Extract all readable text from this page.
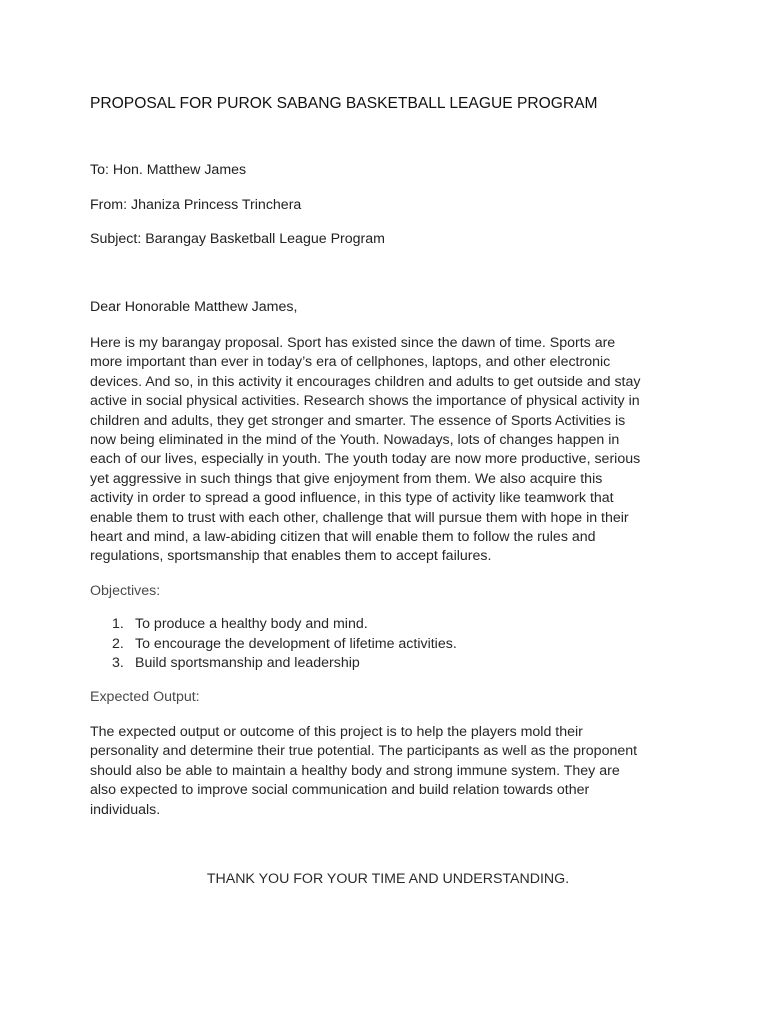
PROPOSAL FOR PUROK SABANG BASKETBALL LEAGUE PROGRAM
To: Hon. Matthew James
From: Jhaniza Princess Trinchera
Subject: Barangay Basketball League Program
Dear Honorable Matthew James,
Here is my barangay proposal. Sport has existed since the dawn of time. Sports are
more important than ever in today’s era of cellphones, laptops, and other electronic
devices. And so, in this activity it encourages children and adults to get outside and stay
active in social physical activities. Research shows the importance of physical activity in
children and adults, they get stronger and smarter. The essence of Sports Activities is
now being eliminated in the mind of the Youth. Nowadays, lots of changes happen in
each of our lives, especially in youth. The youth today are now more productive, serious
yet aggressive in such things that give enjoyment from them. We also acquire this
activity in order to spread a good influence, in this type of activity like teamwork that
enable them to trust with each other, challenge that will pursue them with hope in their
heart and mind, a law-abiding citizen that will enable them to follow the rules and
regulations, sportsmanship that enables them to accept failures.
Objectives:
1. To produce a healthy body and mind.
2. To encourage the development of lifetime activities.
3. Build sportsmanship and leadership
Expected Output:
The expected output or outcome of this project is to help the players mold their
personality and determine their true potential. The participants as well as the proponent
should also be able to maintain a healthy body and strong immune system. They are
also expected to improve social communication and build relation towards other
individuals.
THANK YOU FOR YOUR TIME AND UNDERSTANDING.
